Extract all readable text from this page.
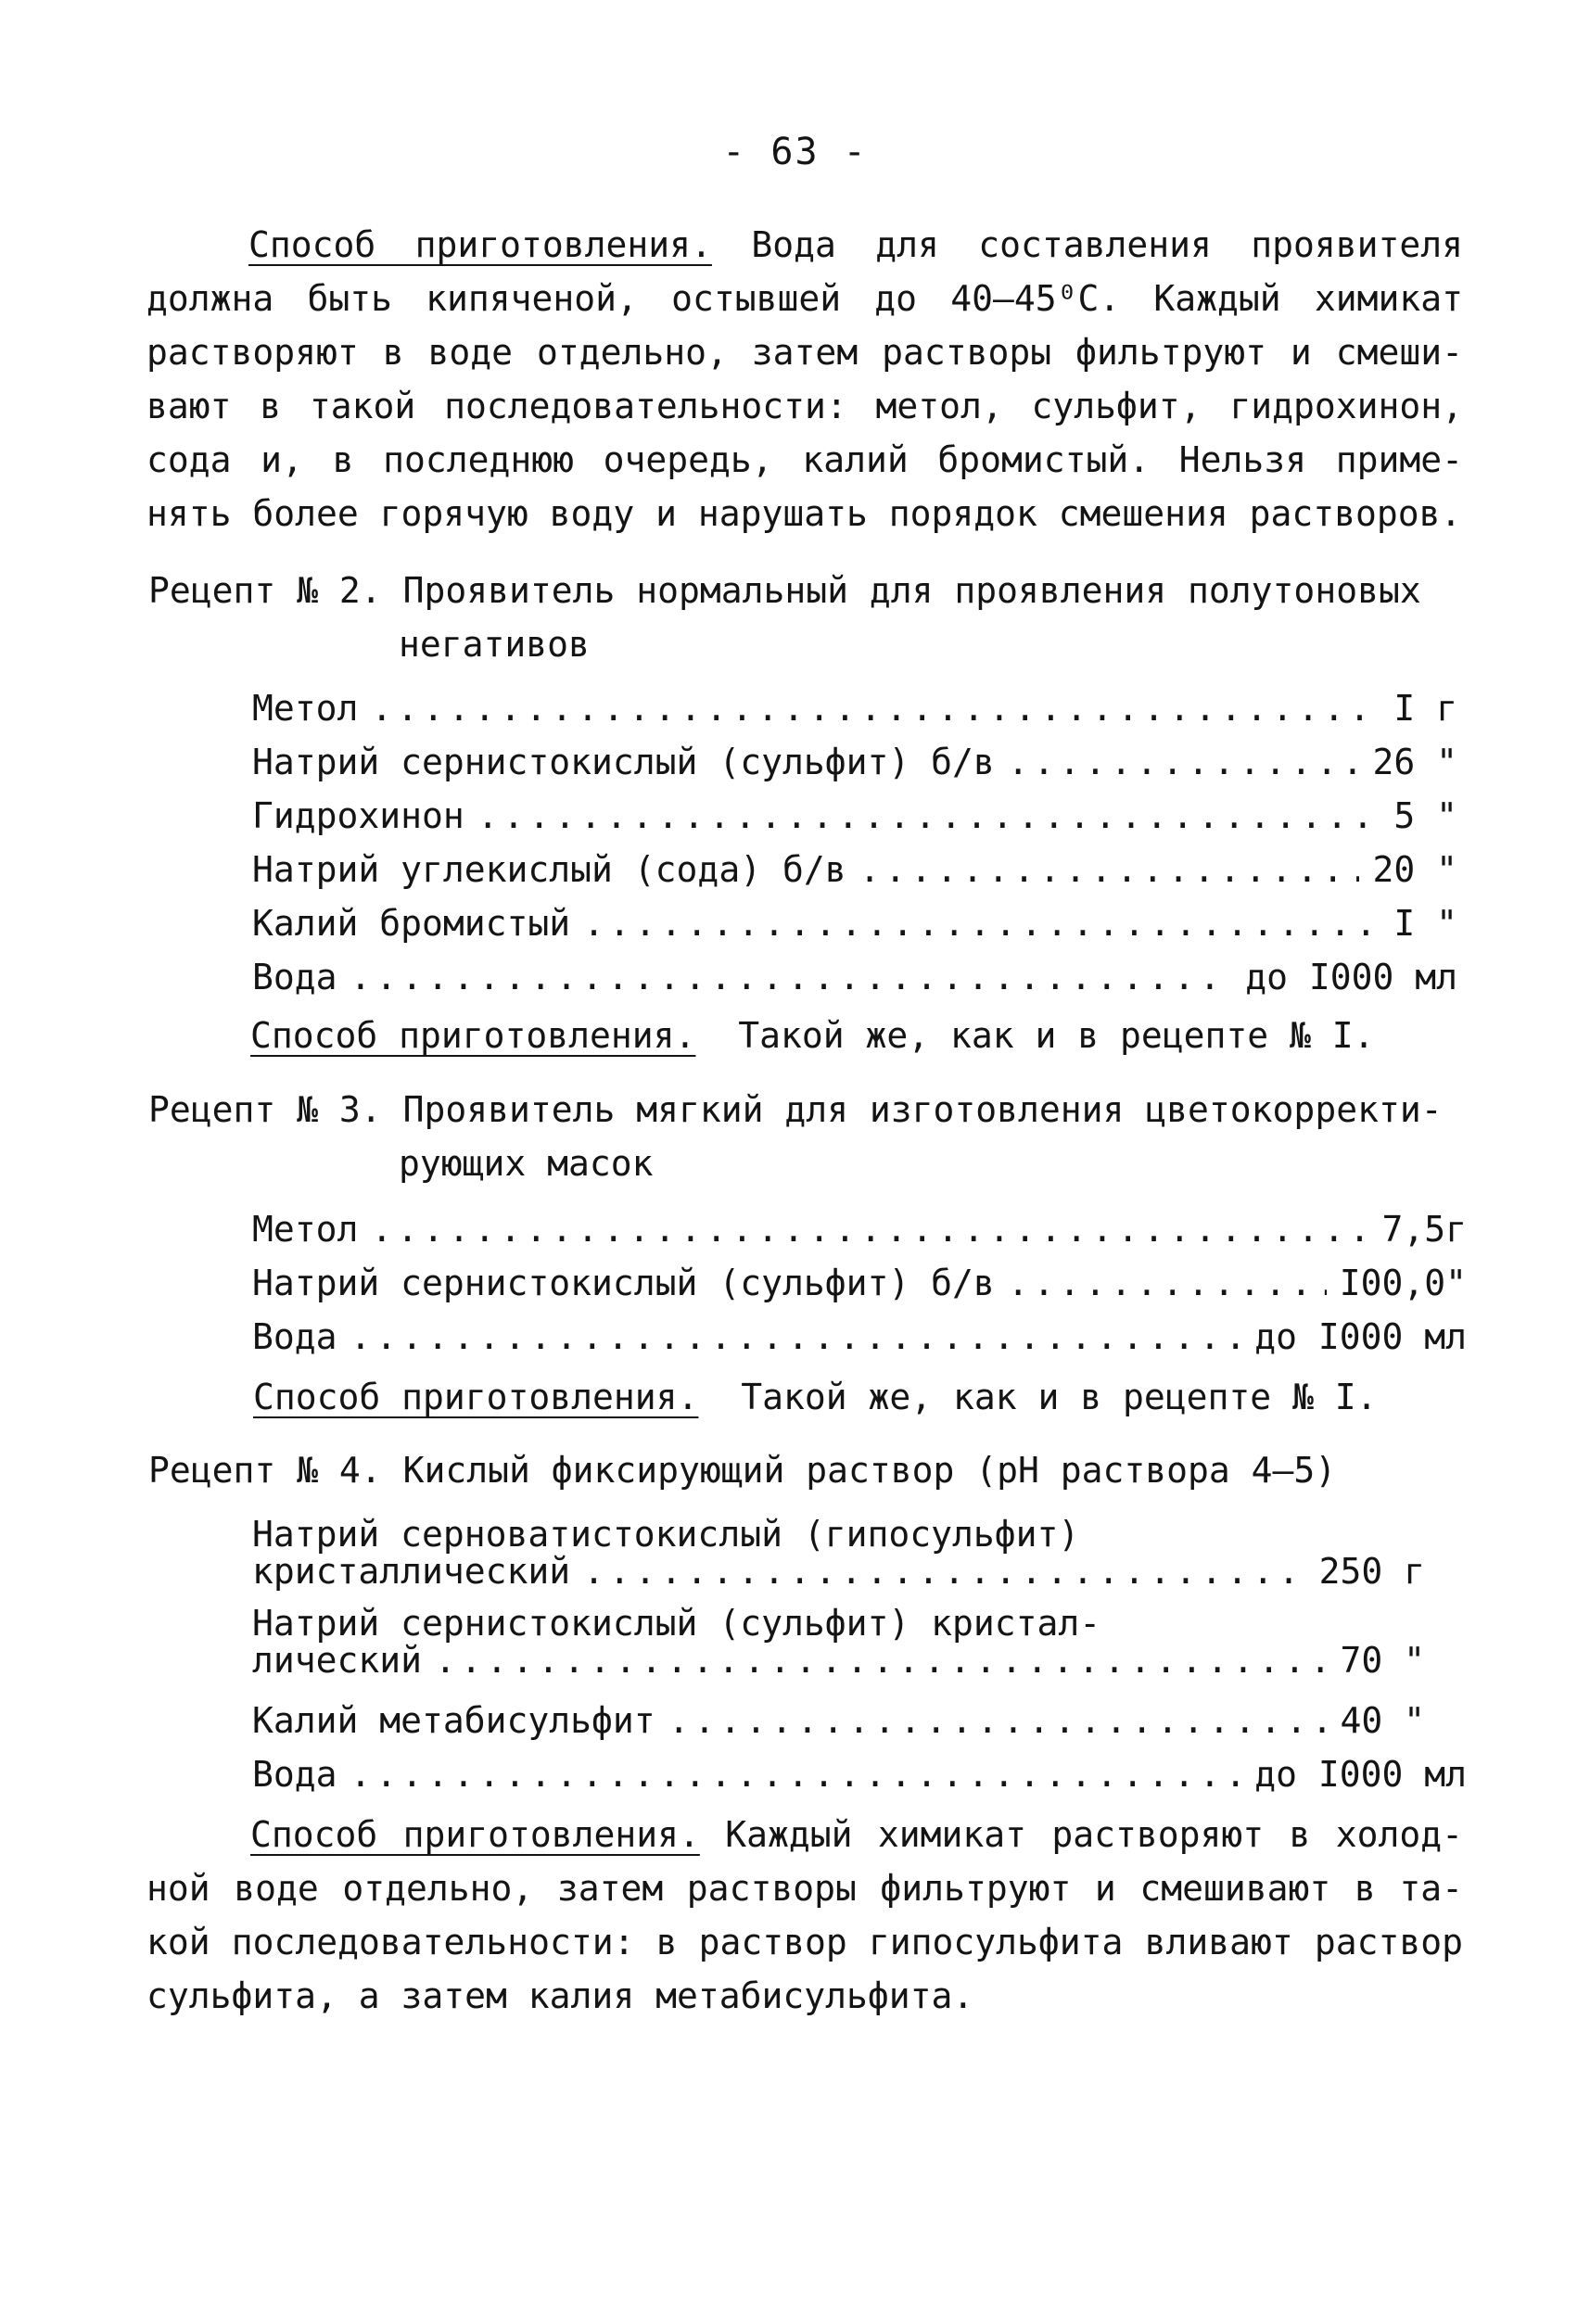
- 63 -
Способ приготовления. Вода для составления проявителя
должна быть кипяченой, остывшей до 40–45⁰С. Каждый химикат
растворяют в воде отдельно, затем растворы фильтруют и смеши-
вают в такой последовательности: метол, сульфит, гидрохинон,
сода и, в последнюю очередь, калий бромистый. Нельзя приме-
нять более горячую воду и нарушать порядок смешения растворов.
Рецепт № 2. Проявитель нормальный для проявления полутоновых
негативов
Метол . . .	I г
Натрий сернистокислый (сульфит) б/в . . .	26 "
Гидрохинон . . .	5 "
Натрий углекислый (сода) б/в . . .	20 "
Калий бромистый . . .	I "
Вода . . .	до I000 мл
Способ приготовления. Такой же, как и в рецепте № I.
Рецепт № 3. Проявитель мягкий для изготовления цветокорректи-
рующих масок
Метол . . .	7,5г
Натрий сернистокислый (сульфит) б/в . . .	I00,0"
Вода . . .	до I000 мл
Способ приготовления. Такой же, как и в рецепте № I.
Рецепт № 4. Кислый фиксирующий раствор (рН раствора 4–5)
Натрий серноватистокислый (гипосульфит)
кристаллический . . .	250 г
Натрий сернистокислый (сульфит) кристал-
лический . . .	70 "
Калий метабисульфит . . .	40 "
Вода . . .	до I000 мл
Способ приготовления. Каждый химикат растворяют в холод-
ной воде отдельно, затем растворы фильтруют и смешивают в та-
кой последовательности: в раствор гипосульфита вливают раствор
сульфита, а затем калия метабисульфита.
